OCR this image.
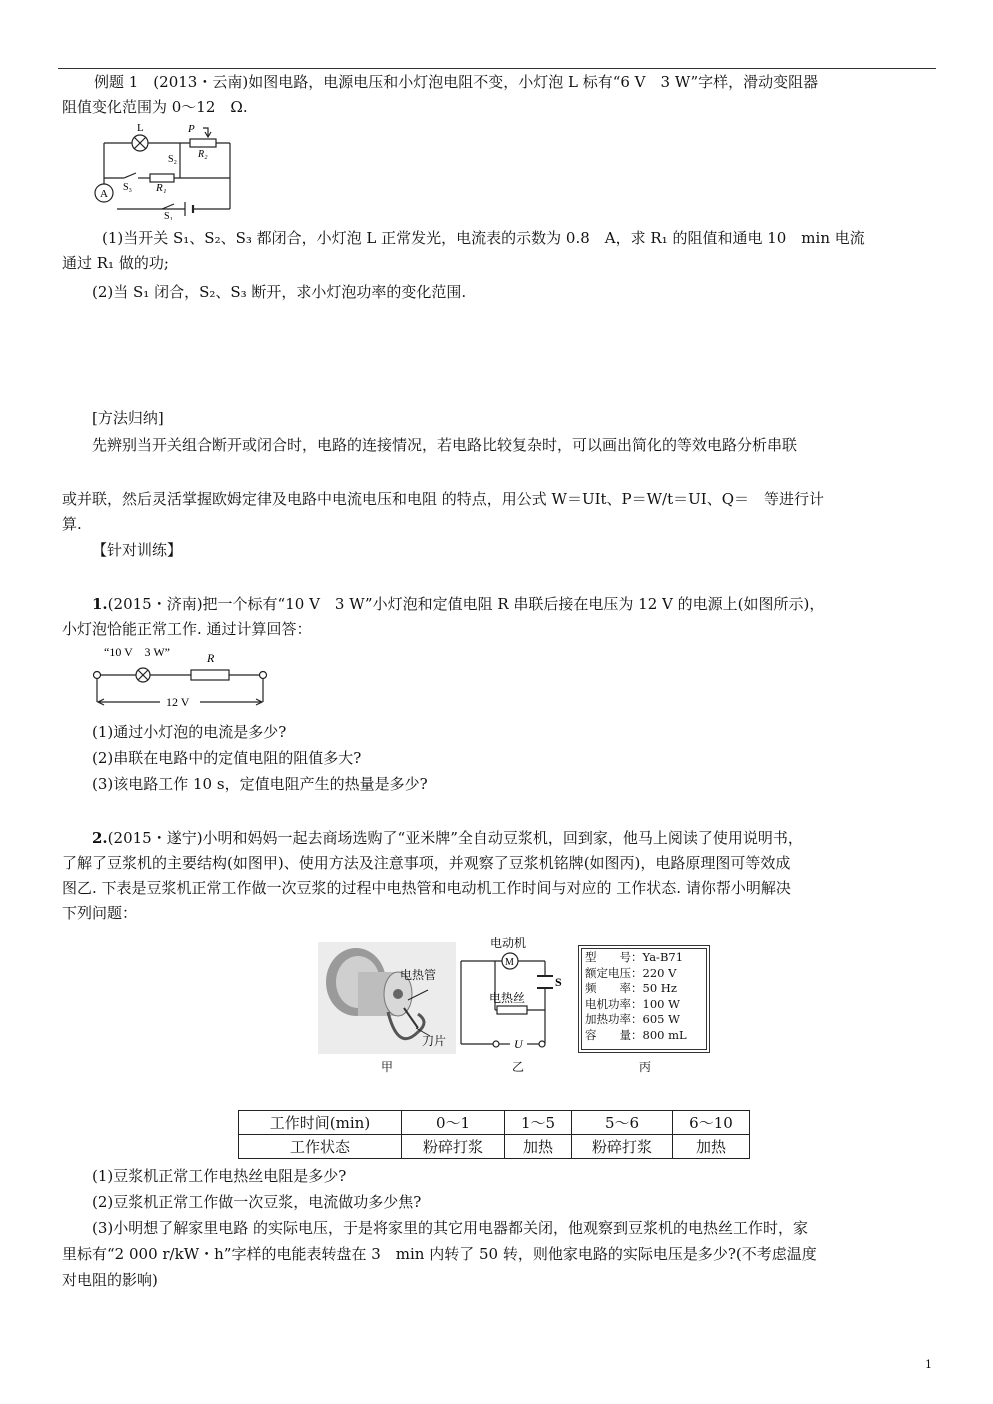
例题 1　(2013・云南)如图电路，电源电压和小灯泡电阻不变，小灯泡 L 标有“6 V　3 W”字样，滑动变阻器

阻值变化范围为 0～12　Ω.

L	P
R₂
S₂
S₃ R₁
A
S₁

(1)当开关 S₁、S₂、S₃ 都闭合，小灯泡 L 正常发光，电流表的示数为 0.8　A，求 R₁ 的阻值和通电 10　min 电流

通过 R₁ 做的功;

(2)当 S₁ 闭合，S₂、S₃ 断开，求小灯泡功率的变化范围.

[方法归纳]

先辨别当开关组合断开或闭合时，电路的连接情况，若电路比较复杂时，可以画出简化的等效电路分析串联

或并联，然后灵活掌握欧姆定律及电路中电流电压和电阻 的特点，用公式 W＝UIt、P＝W/t＝UI、Q＝　等进行计

算.

【针对训练】

1.(2015・济南)把一个标有“10 V　3 W”小灯泡和定值电阻 R 串联后接在电压为 12 V 的电源上(如图所示)，

小灯泡恰能正常工作. 通过计算回答：

“10 V　3 W”	R
12 V

(1)通过小灯泡的电流是多少?

(2)串联在电路中的定值电阻的阻值多大?

(3)该电路工作 10 s，定值电阻产生的热量是多少?

2.(2015・遂宁)小明和妈妈一起去商场选购了“亚米牌”全自动豆浆机，回到家，他马上阅读了使用说明书，

了解了豆浆机的主要结构(如图甲)、使用方法及注意事项，并观察了豆浆机铭牌(如图丙)，电路原理图可等效成

图乙. 下表是豆浆机正常工作做一次豆浆的过程中电热管和电动机工作时间与对应的 工作状态. 请你帮小明解决

下列问题：

电热管
刀片
甲
电动机
M
S
电热丝
U
乙
型　　号：Ya-B71
额定电压：220 V
频　　率：50 Hz
电机功率：100 W
加热功率：605 W
容　　量：800 mL
丙
工作时间(min)	0～1	1～5	5～6	6～10
工作状态	粉碎打浆	加热	粉碎打浆	加热

(1)豆浆机正常工作电热丝电阻是多少?

(2)豆浆机正常工作做一次豆浆，电流做功多少焦?

(3)小明想了解家里电路 的实际电压，于是将家里的其它用电器都关闭，他观察到豆浆机的电热丝工作时，家

里标有“2 000 r/kW・h”字样的电能表转盘在 3　min 内转了 50 转，则他家电路的实际电压是多少?(不考虑温度

对电阻的影响)

1
